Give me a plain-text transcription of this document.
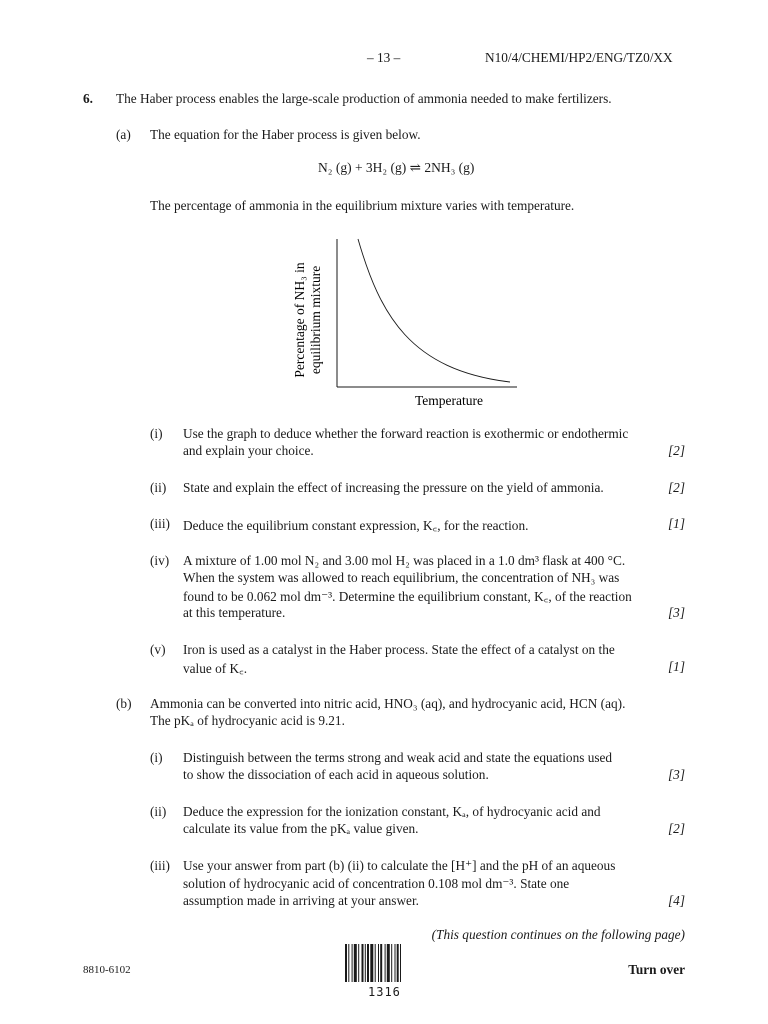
– 13 –	N10/4/CHEMI/HP2/ENG/TZ0/XX
6. The Haber process enables the large-scale production of ammonia needed to make fertilizers.
(a) The equation for the Haber process is given below.
N₂ (g) + 3H₂ (g) ⇌ 2NH₃ (g)
The percentage of ammonia in the equilibrium mixture varies with temperature.
Percentage of NH₃ in equilibrium mixture
Temperature
(i) Use the graph to deduce whether the forward reaction is exothermic or endothermic
and explain your choice.	[2]
(ii) State and explain the effect of increasing the pressure on the yield of ammonia.	[2]
(iii) Deduce the equilibrium constant expression, K꜀, for the reaction.	[1]
(iv) A mixture of 1.00 mol N₂ and 3.00 mol H₂ was placed in a 1.0 dm³ flask at 400 °C.
When the system was allowed to reach equilibrium, the concentration of NH₃ was
found to be 0.062 mol dm⁻³. Determine the equilibrium constant, K꜀, of the reaction
at this temperature.	[3]
(v) Iron is used as a catalyst in the Haber process. State the effect of a catalyst on the
value of K꜀.	[1]
(b) Ammonia can be converted into nitric acid, HNO₃ (aq), and hydrocyanic acid, HCN (aq).
The pKₐ of hydrocyanic acid is 9.21.
(i) Distinguish between the terms strong and weak acid and state the equations used
to show the dissociation of each acid in aqueous solution.	[3]
(ii) Deduce the expression for the ionization constant, Kₐ, of hydrocyanic acid and
calculate its value from the pKₐ value given.	[2]
(iii) Use your answer from part (b) (ii) to calculate the [H⁺] and the pH of an aqueous
solution of hydrocyanic acid of concentration 0.108 mol dm⁻³. State one
assumption made in arriving at your answer.	[4]
(This question continues on the following page)
8810-6102
1316
Turn over
